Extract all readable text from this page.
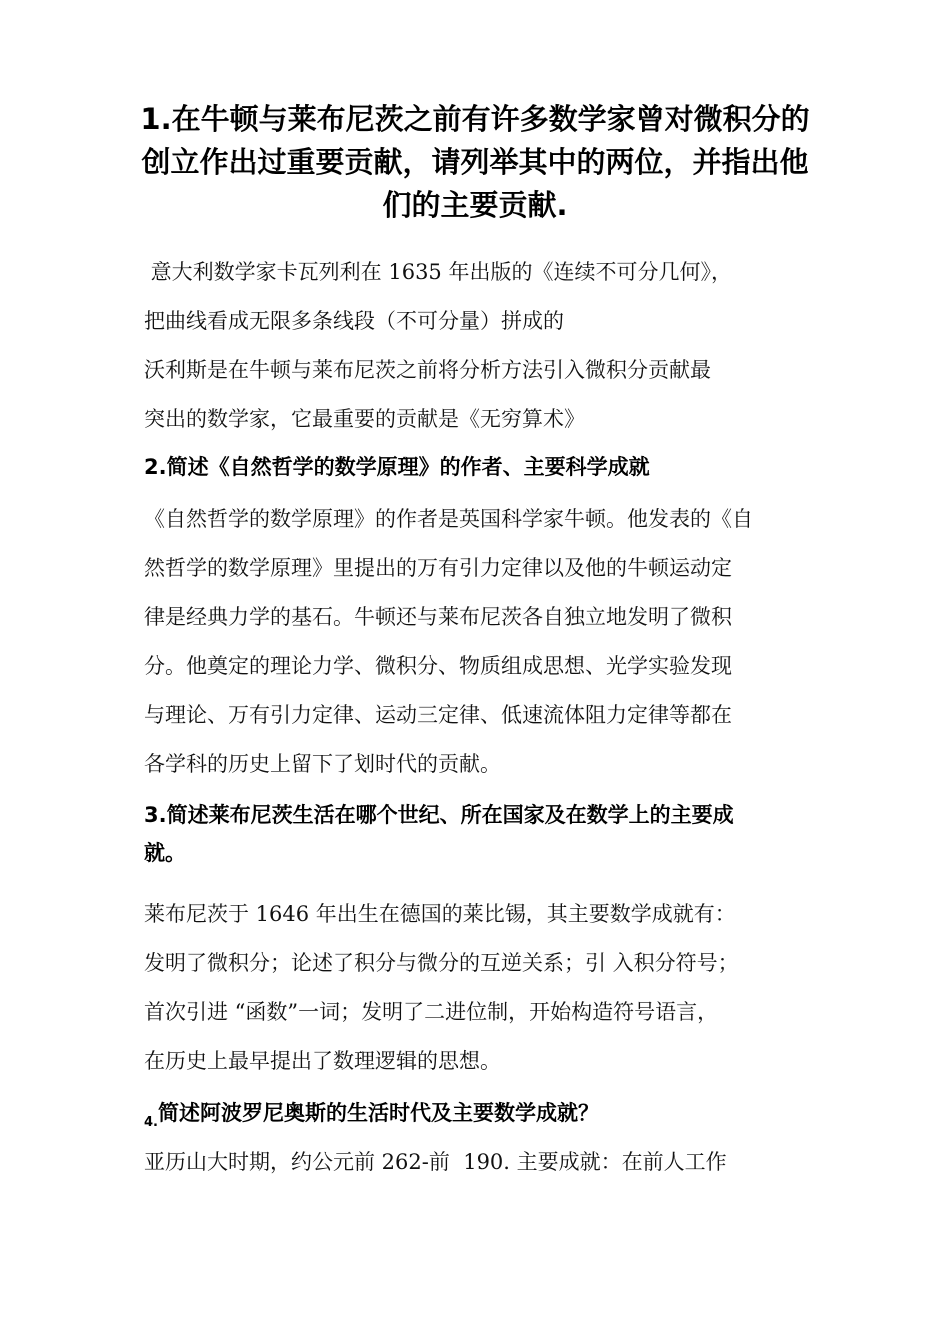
1.在牛顿与莱布尼茨之前有许多数学家曾对微积分的
创立作出过重要贡献，请列举其中的两位，并指出他
们的主要贡献.

意大利数学家卡瓦列利在 1635 年出版的《连续不可分几何》，
把曲线看成无限多条线段（不可分量）拼成的
沃利斯是在牛顿与莱布尼茨之前将分析方法引入微积分贡献最
突出的数学家，它最重要的贡献是《无穷算术》

2.简述《自然哲学的数学原理》的作者、主要科学成就

《自然哲学的数学原理》的作者是英国科学家牛顿。他发表的《自
然哲学的数学原理》里提出的万有引力定律以及他的牛顿运动定
律是经典力学的基石。牛顿还与莱布尼茨各自独立地发明了微积
分。他奠定的理论力学、微积分、物质组成思想、光学实验发现
与理论、万有引力定律、运动三定律、低速流体阻力定律等都在
各学科的历史上留下了划时代的贡献。

3.简述莱布尼茨生活在哪个世纪、所在国家及在数学上的主要成
就。

莱布尼茨于 1646 年出生在德国的莱比锡，其主要数学成就有：
发明了微积分；论述了积分与微分的互逆关系；引 入积分符号；
首次引进 “函数”一词；发明了二进位制，开始构造符号语言，
在历史上最早提出了数理逻辑的思想。

$_{4.}$简述阿波罗尼奥斯的生活时代及主要数学成就？

亚历山大时期，约公元前 262-前  190. 主要成就：在前人工作
